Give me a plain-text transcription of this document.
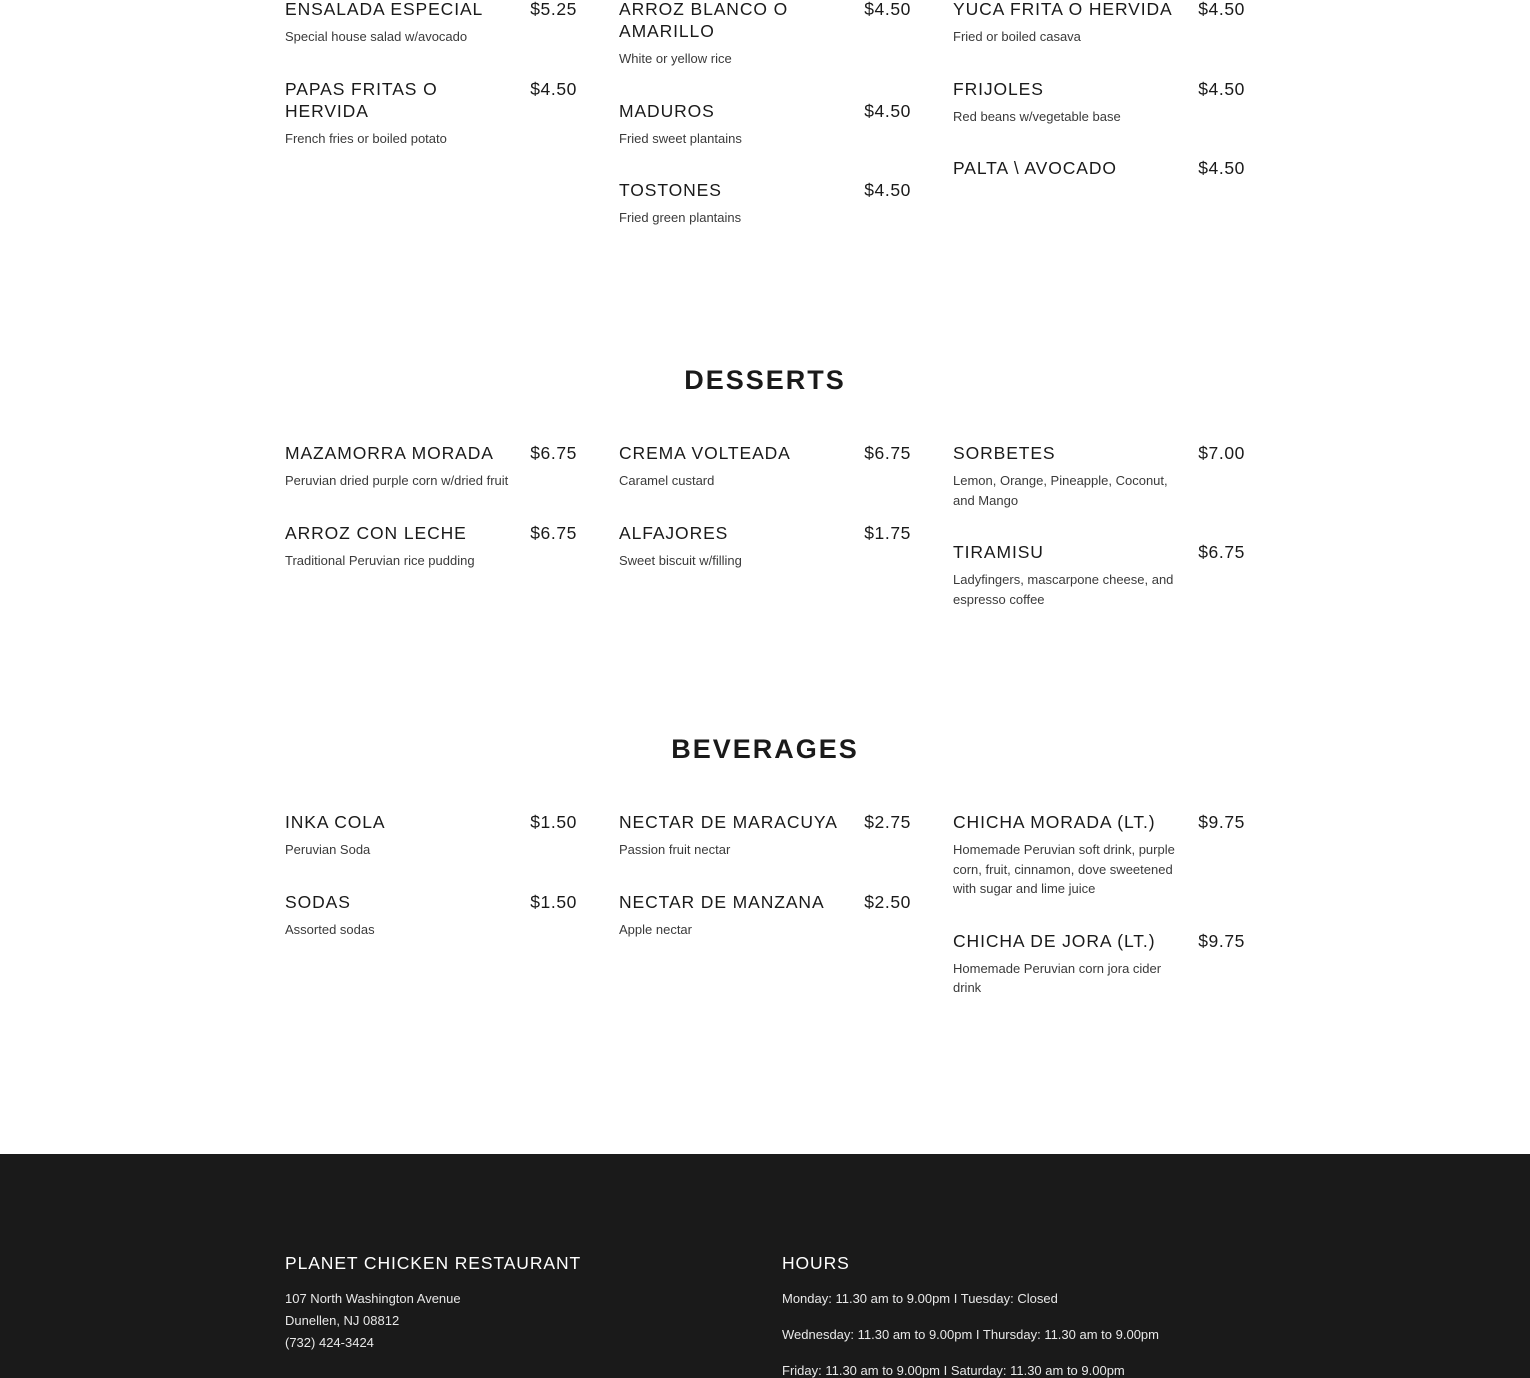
ENSALADA ESPECIAL	$5.25
Special house salad w/avocado
PAPAS FRITAS O HERVIDA
$4.50
French fries or boiled potato
ARROZ BLANCO O AMARILLO
$4.50
White or yellow rice
MADUROS	$4.50
Fried sweet plantains
TOSTONES	$4.50
Fried green plantains
YUCA FRITA O HERVIDA $4.50
Fried or boiled casava
FRIJOLES	$4.50
Red beans w/vegetable base
PALTA \ AVOCADO	$4.50
DESSERTS
MAZAMORRA MORADA $6.75
Peruvian dried purple corn w/dried fruit
ARROZ CON LECHE	$6.75
Traditional Peruvian rice pudding
CREMA VOLTEADA	$6.75
Caramel custard
ALFAJORES	$1.75
Sweet biscuit w/filling
SORBETES	$7.00
Lemon, Orange, Pineapple, Coconut, and Mango
TIRAMISU	$6.75
Ladyfingers, mascarpone cheese, and espresso coffee
BEVERAGES
INKA COLA	$1.50
Peruvian Soda
SODAS	$1.50
Assorted sodas
NECTAR DE MARACUYA $2.75
Passion fruit nectar
NECTAR DE MANZANA $2.50
Apple nectar
CHICHA MORADA (LT.) $9.75
Homemade Peruvian soft drink, purple corn, fruit, cinnamon, dove sweetened with sugar and lime juice
CHICHA DE JORA (LT.) $9.75
Homemade Peruvian corn jora cider drink
PLANET CHICKEN RESTAURANT
107 North Washington Avenue
Dunellen, NJ 08812
(732) 424-3424
HOURS
Monday: 11.30 am to 9.00pm I Tuesday: Closed
Wednesday: 11.30 am to 9.00pm I Thursday: 11.30 am to 9.00pm
Friday: 11.30 am to 9.00pm I Saturday: 11.30 am to 9.00pm
